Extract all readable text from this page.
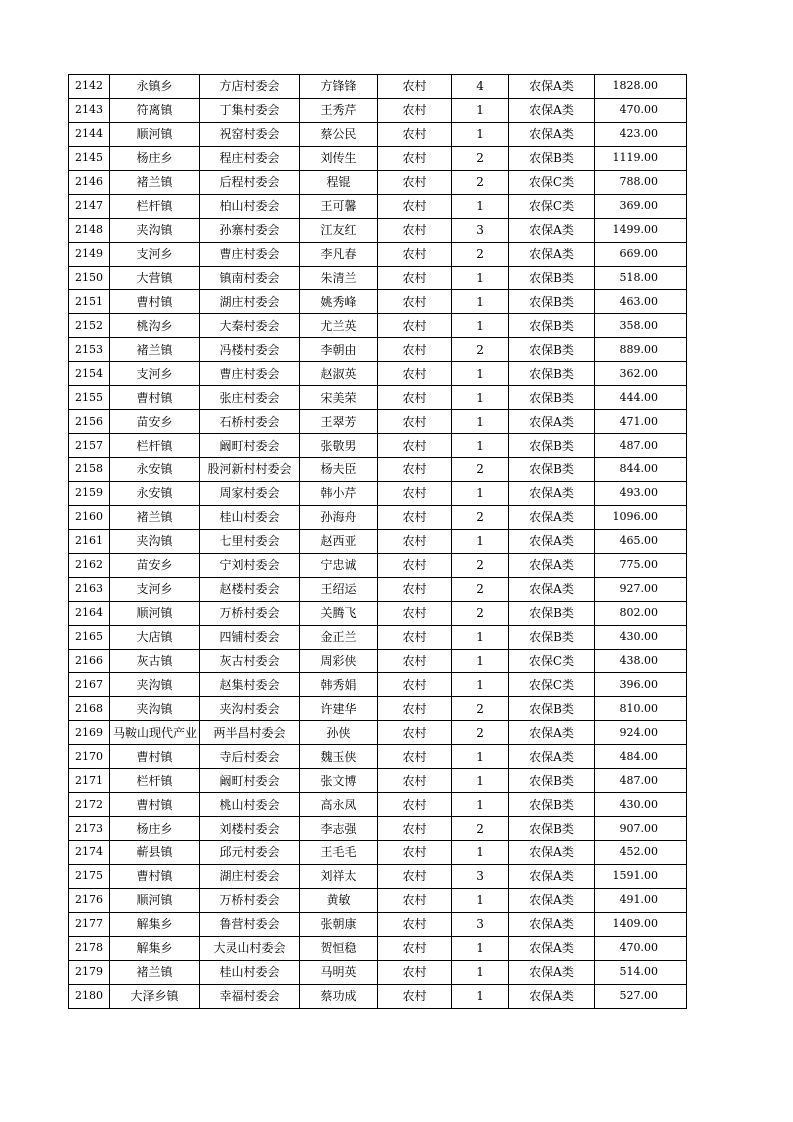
2142	永镇乡	方店村委会	方锋锋	农村	4	农保A类	1828.00
2143	符离镇	丁集村委会	王秀芹	农村	1	农保A类	470.00
2144	顺河镇	祝窑村委会	蔡公民	农村	1	农保A类	423.00
2145	杨庄乡	程庄村委会	刘传生	农村	2	农保B类	1119.00
2146	褚兰镇	后程村委会	程锟	农村	2	农保C类	788.00
2147	栏杆镇	柏山村委会	王可馨	农村	1	农保C类	369.00
2148	夹沟镇	孙寨村委会	江友红	农村	3	农保A类	1499.00
2149	支河乡	曹庄村委会	李凡春	农村	2	农保A类	669.00
2150	大营镇	镇南村委会	朱清兰	农村	1	农保B类	518.00
2151	曹村镇	湖庄村委会	姚秀峰	农村	1	农保B类	463.00
2152	桃沟乡	大秦村委会	尤兰英	农村	1	农保B类	358.00
2153	褚兰镇	冯楼村委会	李朝由	农村	2	农保B类	889.00
2154	支河乡	曹庄村委会	赵淑英	农村	1	农保B类	362.00
2155	曹村镇	张庄村委会	宋美荣	农村	1	农保B类	444.00
2156	苗安乡	石桥村委会	王翠芳	农村	1	农保A类	471.00
2157	栏杆镇	阚町村委会	张敬男	农村	1	农保B类	487.00
2158	永安镇	股河新村村委会	杨夫臣	农村	2	农保B类	844.00
2159	永安镇	周家村委会	韩小芹	农村	1	农保A类	493.00
2160	褚兰镇	桂山村委会	孙海舟	农村	2	农保A类	1096.00
2161	夹沟镇	七里村委会	赵西亚	农村	1	农保A类	465.00
2162	苗安乡	宁刘村委会	宁忠诚	农村	2	农保A类	775.00
2163	支河乡	赵楼村委会	王绍运	农村	2	农保A类	927.00
2164	顺河镇	万桥村委会	关腾飞	农村	2	农保B类	802.00
2165	大店镇	四铺村委会	金正兰	农村	1	农保B类	430.00
2166	灰古镇	灰古村委会	周彩侠	农村	1	农保C类	438.00
2167	夹沟镇	赵集村委会	韩秀娟	农村	1	农保C类	396.00
2168	夹沟镇	夹沟村委会	许建华	农村	2	农保B类	810.00
2169	马鞍山现代产业	两半昌村委会	孙侠	农村	2	农保A类	924.00
2170	曹村镇	寺后村委会	魏玉侠	农村	1	农保A类	484.00
2171	栏杆镇	阚町村委会	张文博	农村	1	农保B类	487.00
2172	曹村镇	桃山村委会	高永凤	农村	1	农保B类	430.00
2173	杨庄乡	刘楼村委会	李志强	农村	2	农保B类	907.00
2174	蕲县镇	邱元村委会	王毛毛	农村	1	农保A类	452.00
2175	曹村镇	湖庄村委会	刘祥太	农村	3	农保A类	1591.00
2176	顺河镇	万桥村委会	黄敏	农村	1	农保A类	491.00
2177	解集乡	鲁营村委会	张朝康	农村	3	农保A类	1409.00
2178	解集乡	大灵山村委会	贺恒稳	农村	1	农保A类	470.00
2179	褚兰镇	桂山村委会	马明英	农村	1	农保A类	514.00
2180	大泽乡镇	幸福村委会	蔡功成	农村	1	农保A类	527.00
